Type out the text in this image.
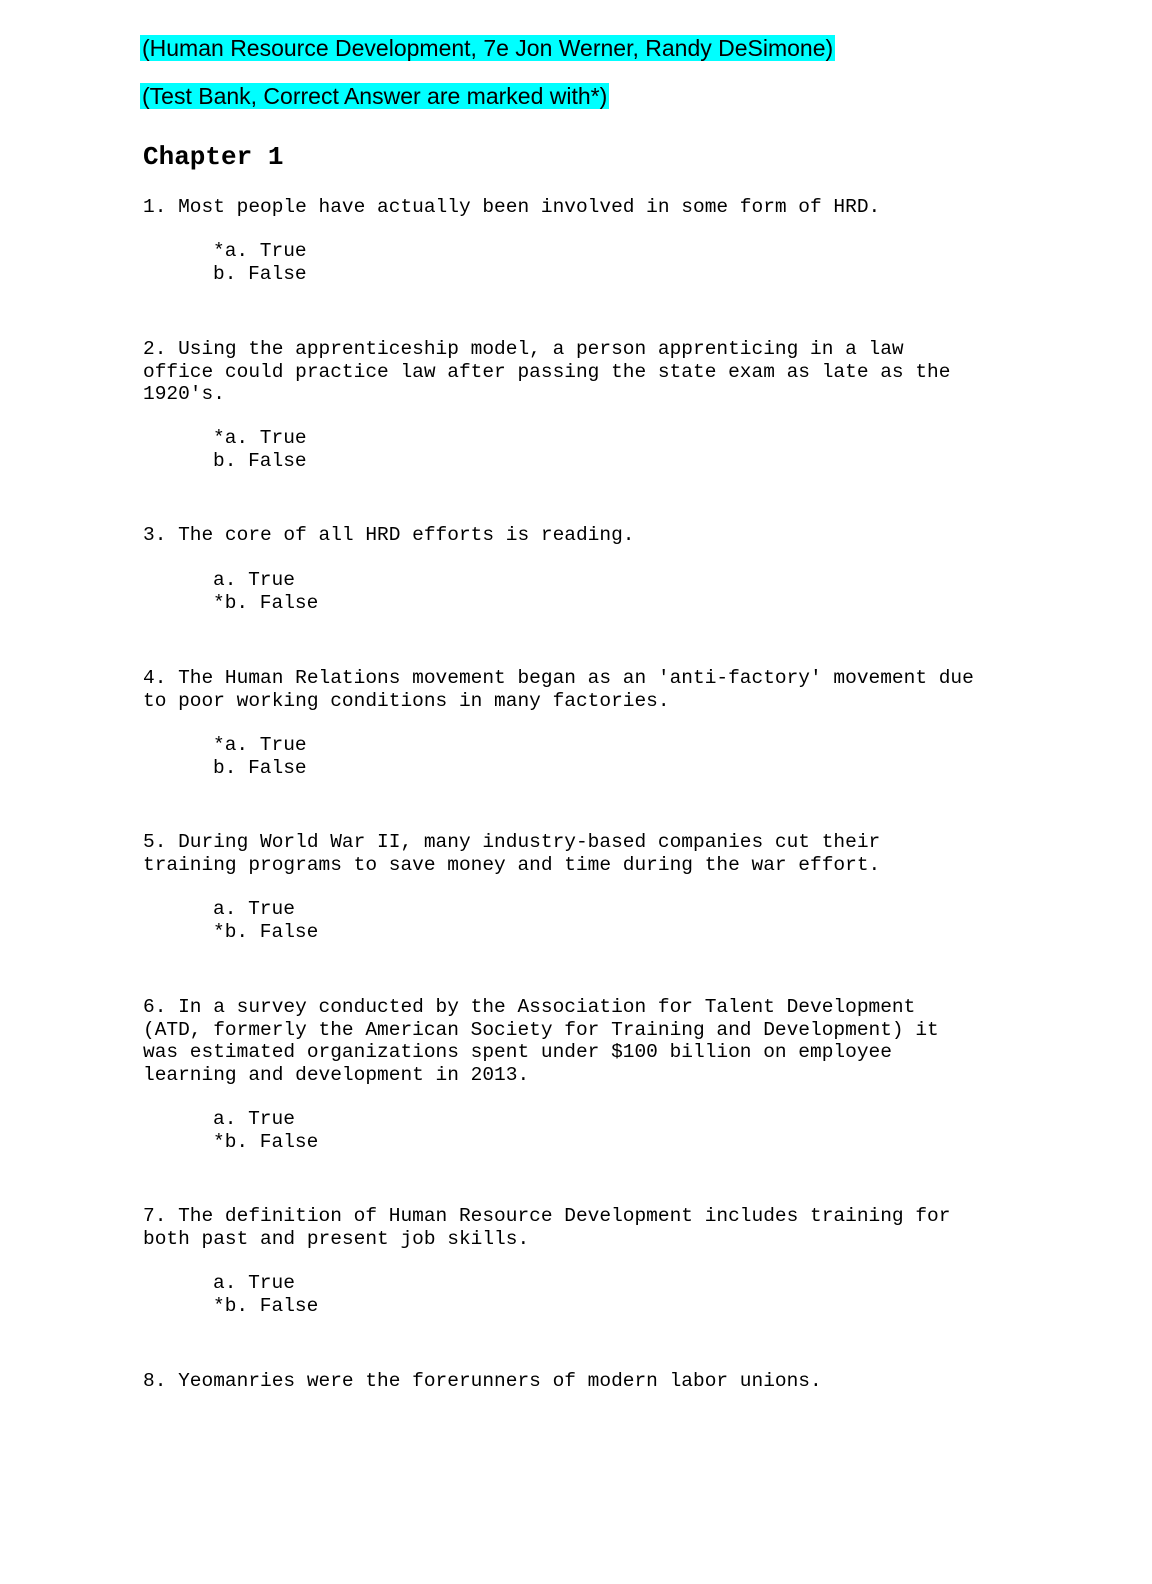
(Human Resource Development, 7e Jon Werner, Randy DeSimone)
(Test Bank, Correct Answer are marked with*)
Chapter 1
1. Most people have actually been involved in some form of HRD.
*a. True
b. False
2. Using the apprenticeship model, a person apprenticing in a law
office could practice law after passing the state exam as late as the
1920's.
*a. True
b. False
3. The core of all HRD efforts is reading.
a. True
*b. False
4. The Human Relations movement began as an 'anti-factory' movement due
to poor working conditions in many factories.
*a. True
b. False
5. During World War II, many industry-based companies cut their
training programs to save money and time during the war effort.
a. True
*b. False
6. In a survey conducted by the Association for Talent Development
(ATD, formerly the American Society for Training and Development) it
was estimated organizations spent under $100 billion on employee
learning and development in 2013.
a. True
*b. False
7. The definition of Human Resource Development includes training for
both past and present job skills.
a. True
*b. False
8. Yeomanries were the forerunners of modern labor unions.
